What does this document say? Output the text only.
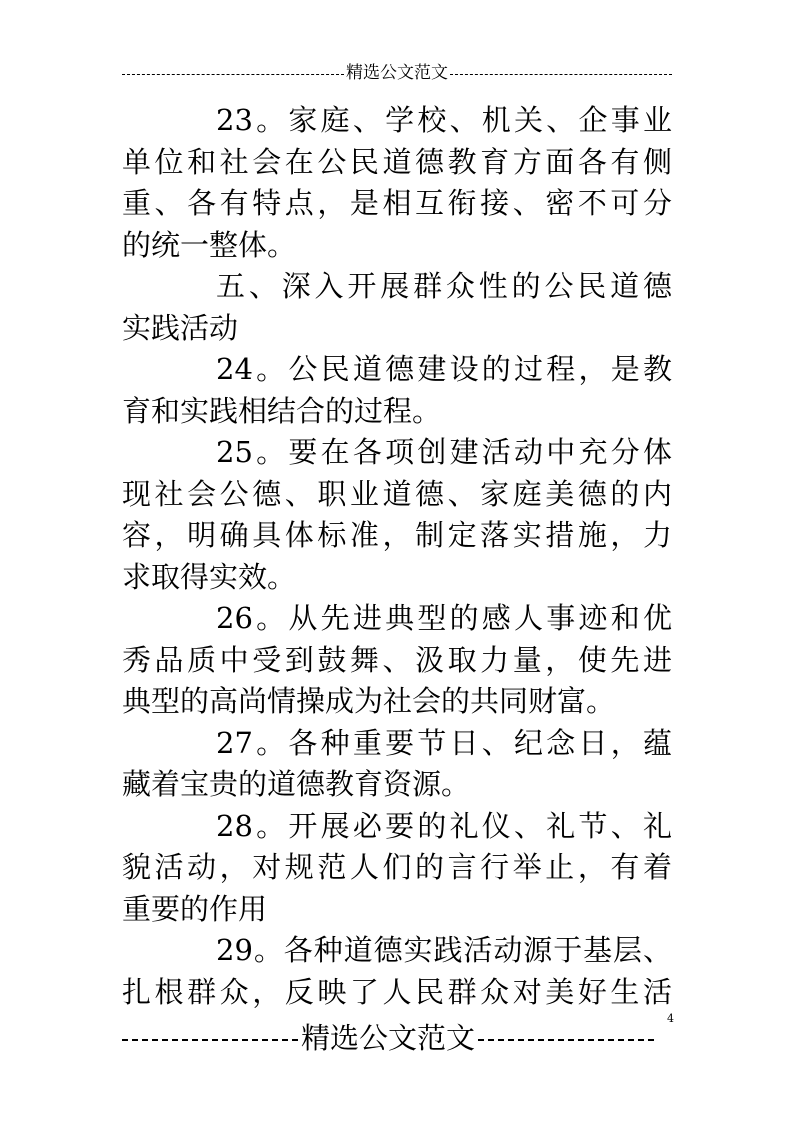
精选公文范文
23。家庭、学校、机关、企事业
单位和社会在公民道德教育方面各有侧
重、各有特点，是相互衔接、密不可分
的统一整体。
五、深入开展群众性的公民道德
实践活动
24。公民道德建设的过程，是教
育和实践相结合的过程。
25。要在各项创建活动中充分体
现社会公德、职业道德、家庭美德的内
容，明确具体标准，制定落实措施，力
求取得实效。
26。从先进典型的感人事迹和优
秀品质中受到鼓舞、汲取力量，使先进
典型的高尚情操成为社会的共同财富。
27。各种重要节日、纪念日，蕴
藏着宝贵的道德教育资源。
28。开展必要的礼仪、礼节、礼
貌活动，对规范人们的言行举止，有着
重要的作用
29。各种道德实践活动源于基层、
扎根群众，反映了人民群众对美好生活
精选公文范文
4
